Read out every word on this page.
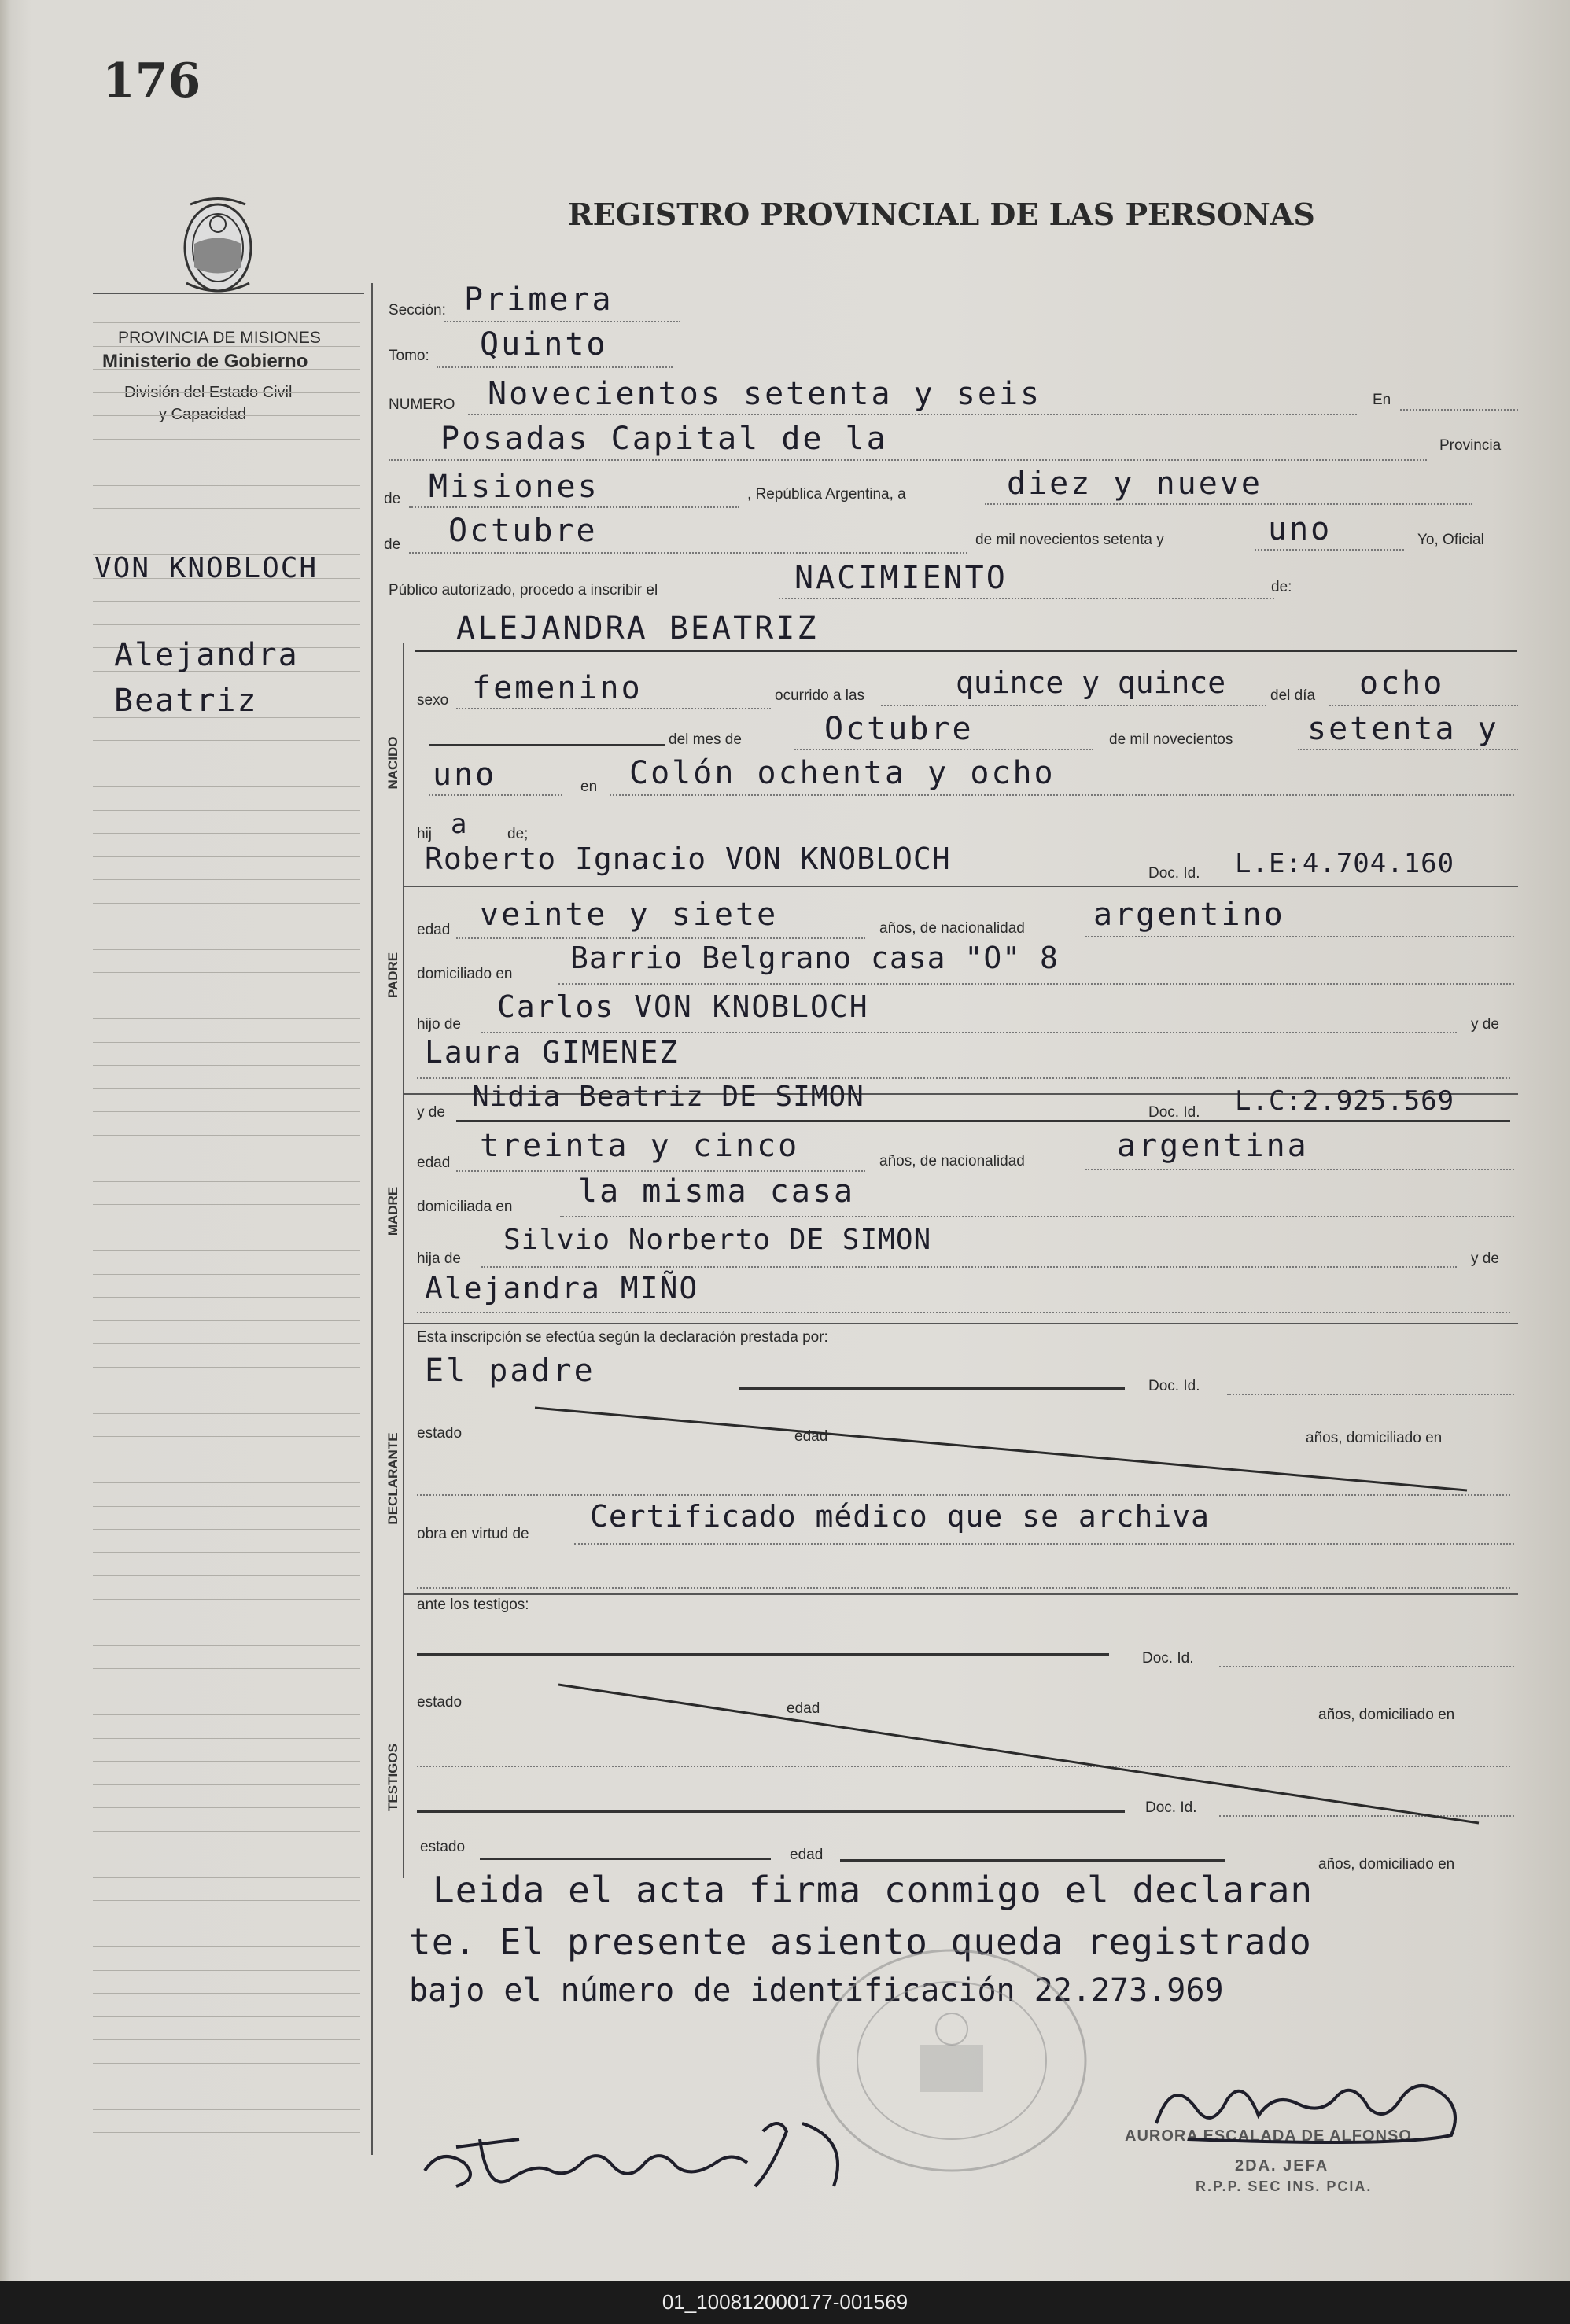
176
REGISTRO PROVINCIAL DE LAS PERSONAS
PROVINCIA DE MISIONES
Ministerio de Gobierno
División del Estado Civil
y Capacidad
VON KNOBLOCH
Alejandra
Beatriz
Sección: Primera
Tomo: Quinto
NUMERO Novecientos setenta y seis	En
Posadas Capital de la	Provincia
de Misiones	, República Argentina, a	diez y nueve
de Octubre	de mil novecientos setenta y	uno	Yo, Oficial
Público autorizado, procedo a inscribir el	NACIMIENTO	de:
NACIDO
ALEJANDRA BEATRIZ
sexo femenino	ocurrido a las	quince y quince	del día ocho
del mes de	Octubre	de mil novecientos setenta y
uno	en Colón ochenta y ocho
hij a	de;
PADRE
Roberto Ignacio VON KNOBLOCH	Doc. Id. L.E:4.704.160
edad veinte y siete	años, de nacionalidad argentino
domiciliado en Barrio Belgrano casa "O" 8
hijo de
Carlos VON KNOBLOCH
y de
Laura GIMENEZ
MADRE
y de Nidia Beatriz DE SIMON	Doc. Id. L.C:2.925.569
edad treinta y cinco	años, de nacionalidad	argentina
domiciliada en la misma casa
hija de
Silvio Norberto DE SIMON
y de
Alejandra MIÑO
Esta inscripción se efectúa según la declaración prestada por:
DECLARANTE
El padre	Doc. Id.
estado	edad	años, domiciliado en
obra en virtud de
Certificado médico que se archiva
ante los testigos:
TESTIGOS
Doc. Id.
estado	edad	años, domiciliado en
Doc. Id.
estado	edad
años, domiciliado en
Leida el acta firma conmigo el declaran
te. El presente asiento queda registrado
bajo el número de identificación 22.273.969
AURORA ESCALADA DE ALFONSO
2DA. JEFA
R.P.P. SEC INS. PCIA.
01_100812000177-001569
